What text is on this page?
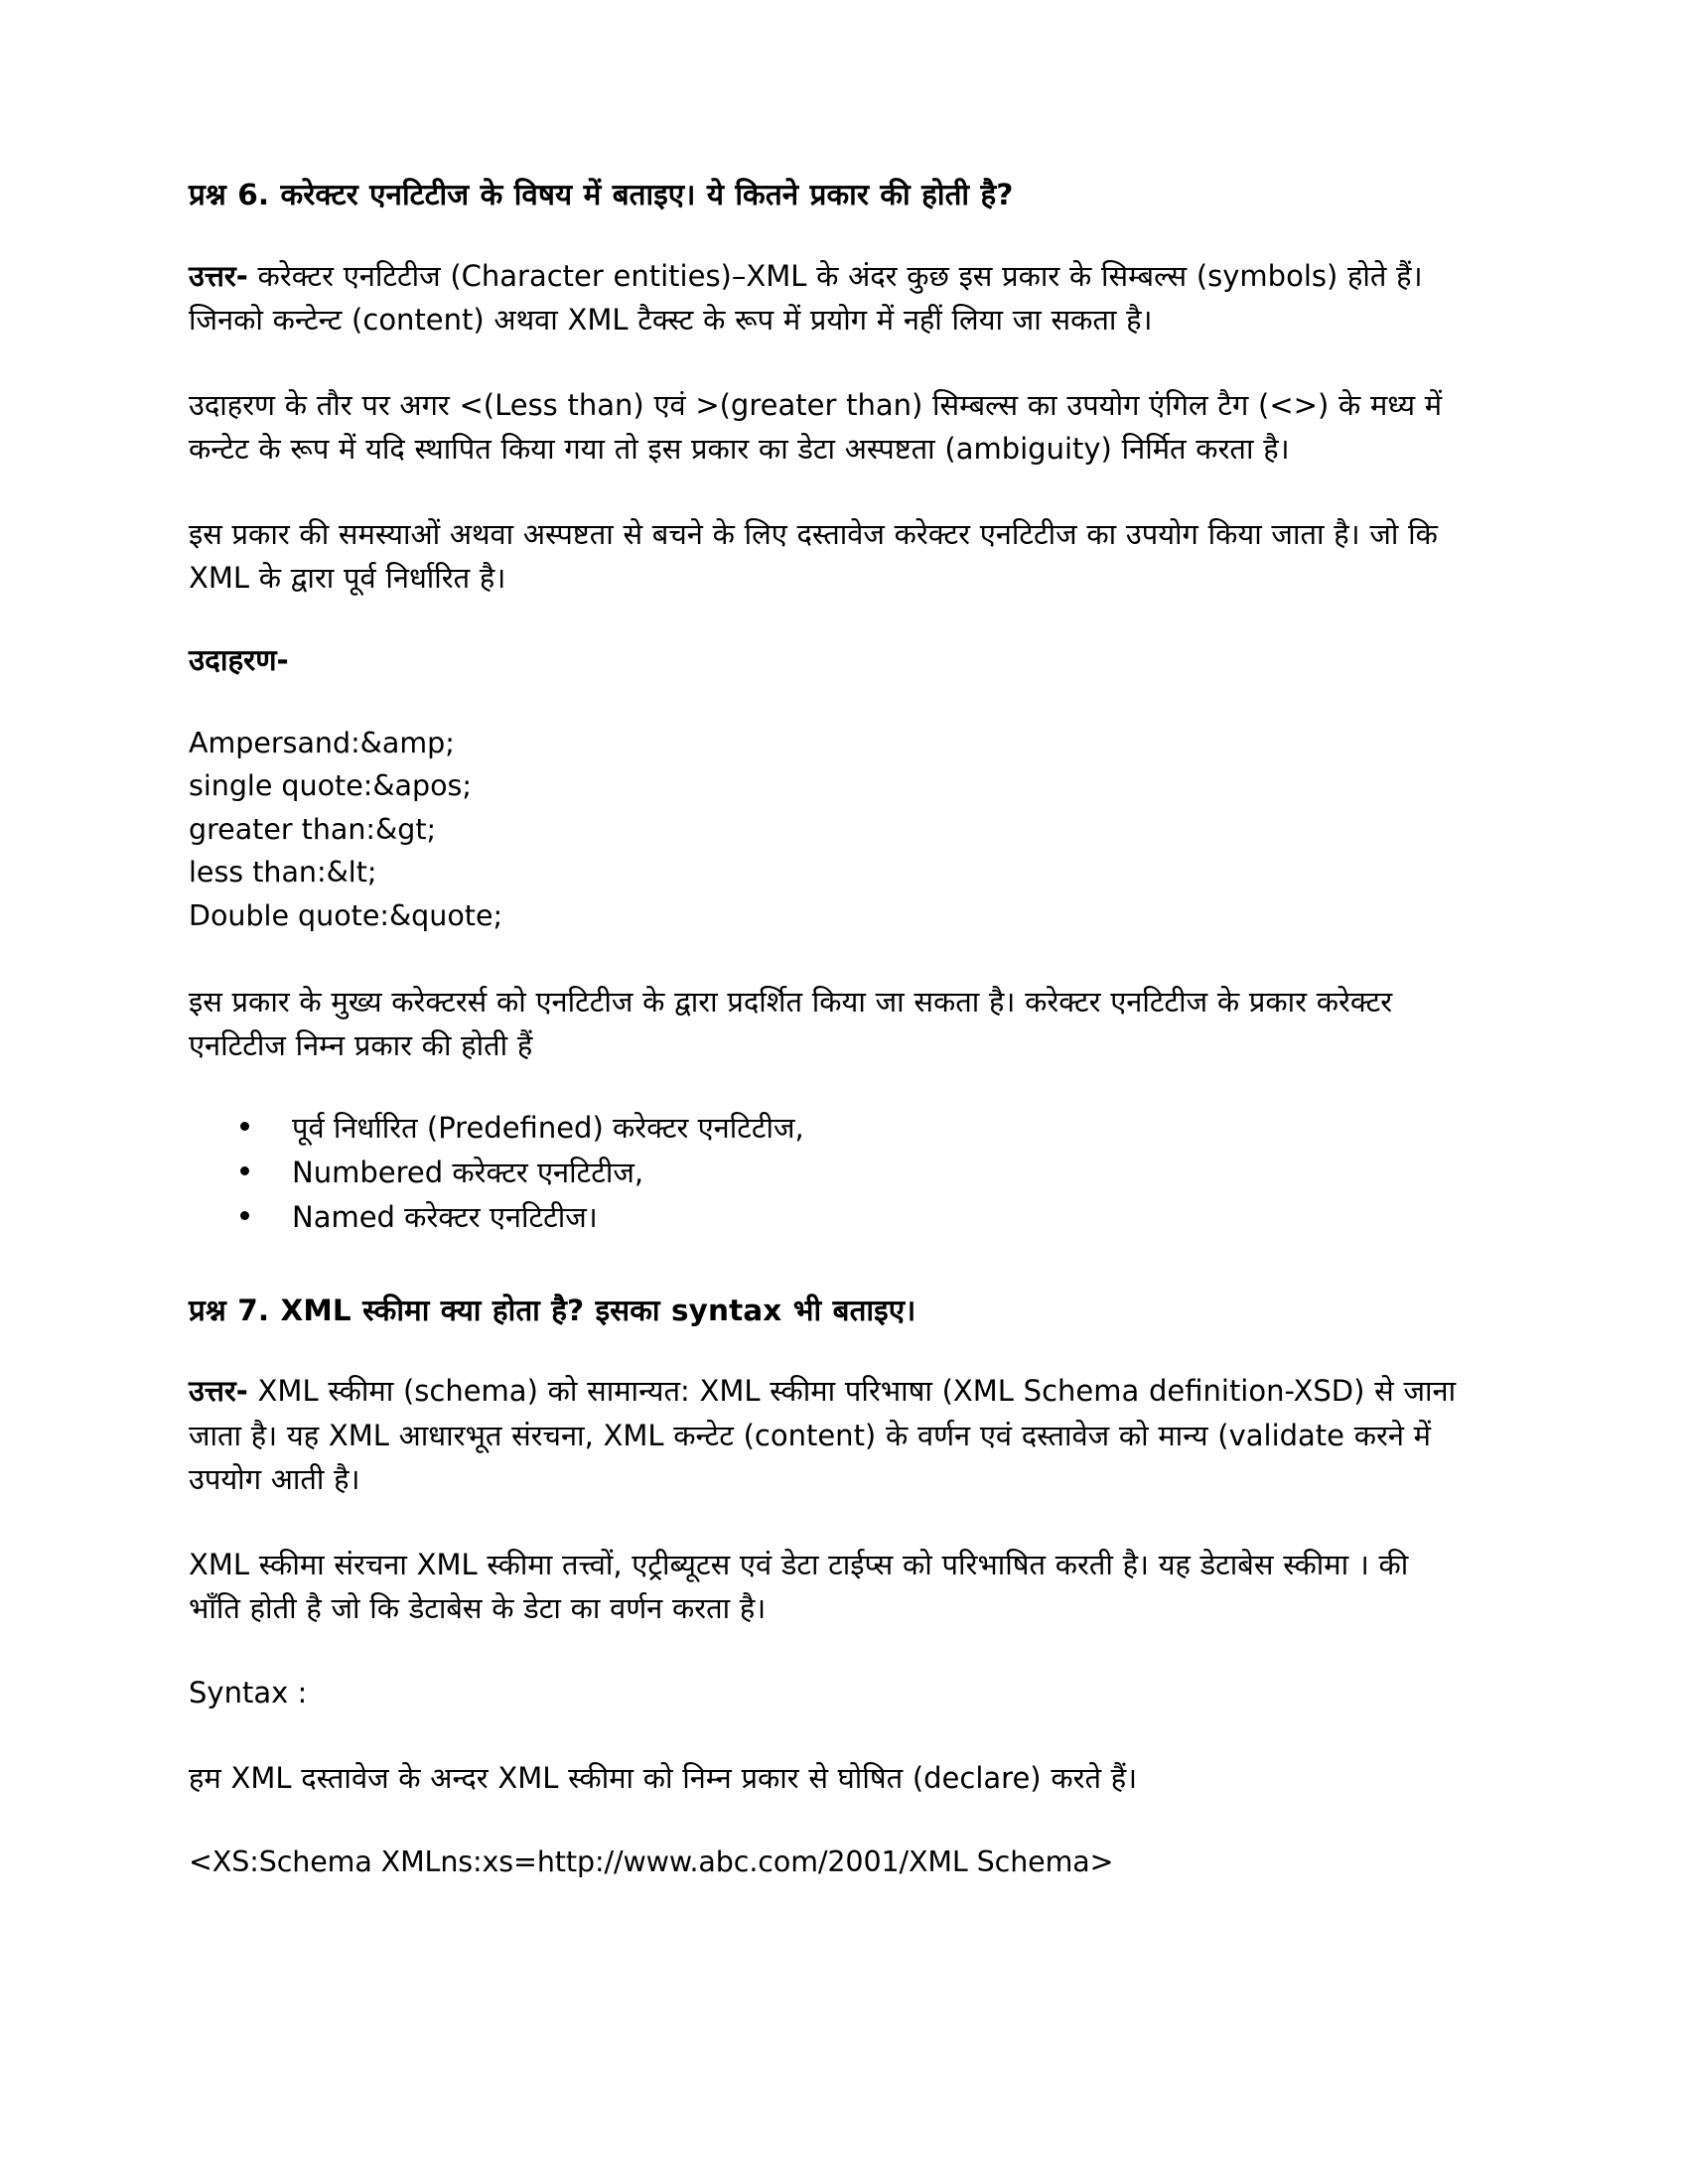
प्रश्न 6. करेक्टर एनटिटीज के विषय में बताइए। ये कितने प्रकार की होती है?

उत्तर- करेक्टर एनटिटीज (Character entities)–XML के अंदर कुछ इस प्रकार के सिम्बल्स (symbols) होते हैं। जिनको कन्टेन्ट (content) अथवा XML टैक्स्ट के रूप में प्रयोग में नहीं लिया जा सकता है।

उदाहरण के तौर पर अगर <(Less than) एवं >(greater than) सिम्बल्स का उपयोग एंगिल टैग (<>) के मध्य में कन्टेट के रूप में यदि स्थापित किया गया तो इस प्रकार का डेटा अस्पष्टता (ambiguity) निर्मित करता है।

इस प्रकार की समस्याओं अथवा अस्पष्टता से बचने के लिए दस्तावेज करेक्टर एनटिटीज का उपयोग किया जाता है। जो कि XML के द्वारा पूर्व निर्धारित है।

उदाहरण-
Ampersand:&amp;
single quote:&apos;
greater than:&gt;
less than:&lt;
Double quote:&quote;

इस प्रकार के मुख्य करेक्टरर्स को एनटिटीज के द्वारा प्रदर्शित किया जा सकता है। करेक्टर एनटिटीज के प्रकार करेक्टर एनटिटीज निम्न प्रकार की होती हैं

पूर्व निर्धारित (Predefined) करेक्टर एनटिटीज,
Numbered करेक्टर एनटिटीज,
Named करेक्टर एनटिटीज।
प्रश्न 7. XML स्कीमा क्या होता है? इसका syntax भी बताइए।

उत्तर- XML स्कीमा (schema) को सामान्यत: XML स्कीमा परिभाषा (XML Schema definition-XSD) से जाना जाता है। यह XML आधारभूत संरचना, XML कन्टेट (content) के वर्णन एवं दस्तावेज को मान्य (validate करने में उपयोग आती है।

XML स्कीमा संरचना XML स्कीमा तत्त्वों, एट्रीब्यूटस एवं डेटा टाईप्स को परिभाषित करती है। यह डेटाबेस स्कीमा । की भाँति होती है जो कि डेटाबेस के डेटा का वर्णन करता है।

Syntax :

हम XML दस्तावेज के अन्दर XML स्कीमा को निम्न प्रकार से घोषित (declare) करते हैं।

<XS:Schema XMLns:xs=http://www.abc.com/2001/XML Schema>
